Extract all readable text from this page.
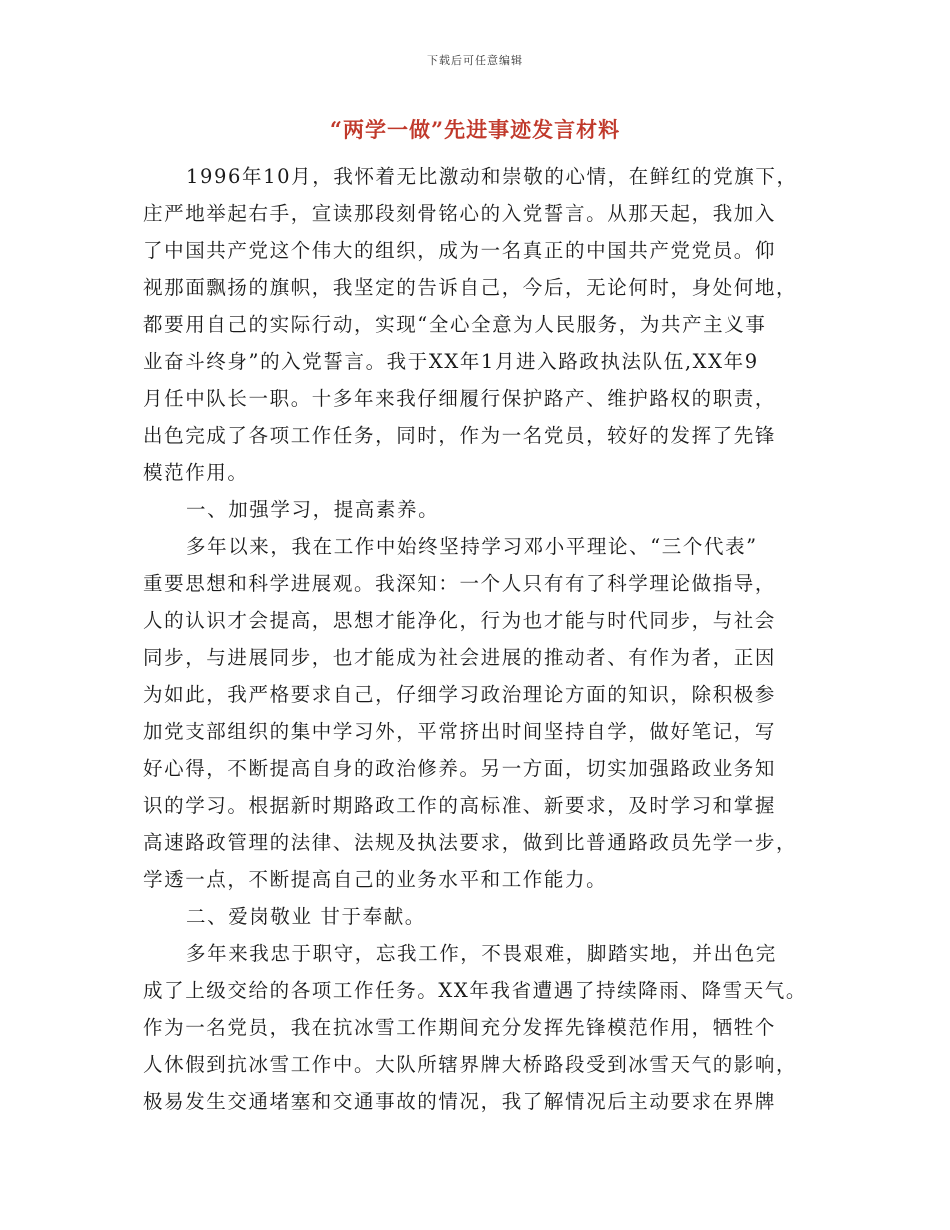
下载后可任意编辑
“两学一做”先进事迹发言材料
1996年10月，我怀着无比激动和崇敬的心情，在鲜红的党旗下，
庄严地举起右手，宣读那段刻骨铭心的入党誓言。从那天起，我加入
了中国共产党这个伟大的组织，成为一名真正的中国共产党党员。仰
视那面飘扬的旗帜，我坚定的告诉自己，今后，无论何时，身处何地，
都要用自己的实际行动，实现“全心全意为人民服务，为共产主义事
业奋斗终身”的入党誓言。我于XX年1月进入路政执法队伍,XX年9
月任中队长一职。十多年来我仔细履行保护路产、维护路权的职责，
出色完成了各项工作任务，同时，作为一名党员，较好的发挥了先锋
模范作用。
一、加强学习，提高素养。
多年以来，我在工作中始终坚持学习邓小平理论、“三个代表”
重要思想和科学进展观。我深知：一个人只有有了科学理论做指导，
人的认识才会提高，思想才能净化，行为也才能与时代同步，与社会
同步，与进展同步，也才能成为社会进展的推动者、有作为者，正因
为如此，我严格要求自己，仔细学习政治理论方面的知识，除积极参
加党支部组织的集中学习外，平常挤出时间坚持自学，做好笔记，写
好心得，不断提高自身的政治修养。另一方面，切实加强路政业务知
识的学习。根据新时期路政工作的高标准、新要求，及时学习和掌握
高速路政管理的法律、法规及执法要求，做到比普通路政员先学一步，
学透一点，不断提高自己的业务水平和工作能力。
二、爱岗敬业 甘于奉献。
多年来我忠于职守，忘我工作，不畏艰难，脚踏实地，并出色完
成了上级交给的各项工作任务。XX年我省遭遇了持续降雨、降雪天气。
作为一名党员，我在抗冰雪工作期间充分发挥先锋模范作用，牺牲个
人休假到抗冰雪工作中。大队所辖界牌大桥路段受到冰雪天气的影响，
极易发生交通堵塞和交通事故的情况，我了解情况后主动要求在界牌
